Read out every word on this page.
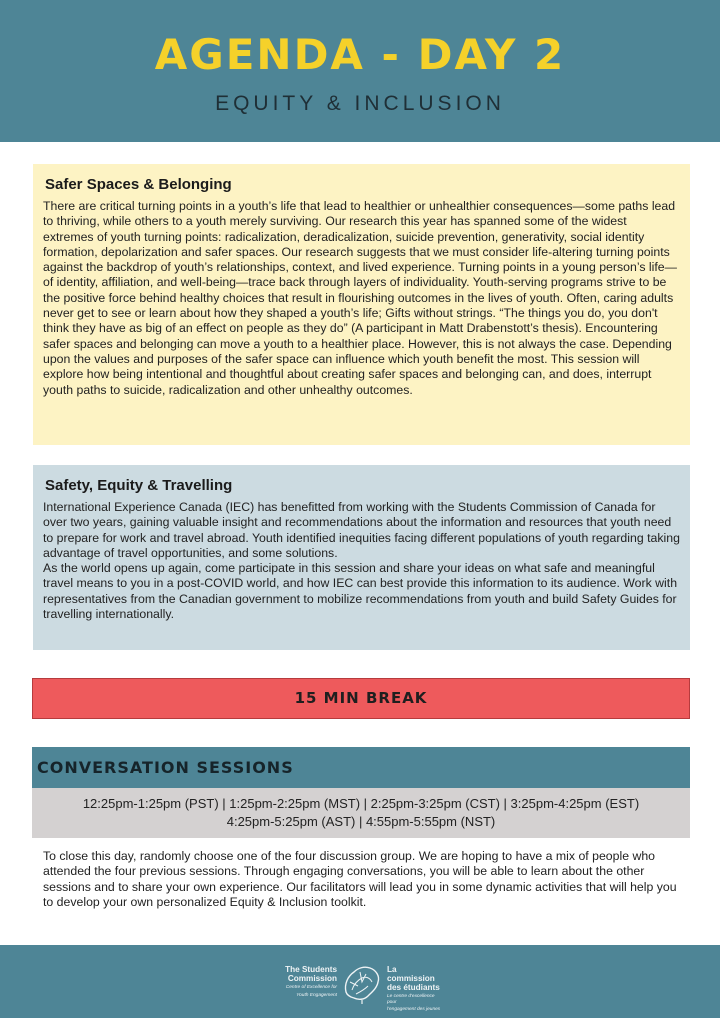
AGENDA - DAY 2
EQUITY & INCLUSION
Safer Spaces & Belonging

There are critical turning points in a youth’s life that lead to healthier or unhealthier consequences—some paths lead to thriving, while others to a youth merely surviving. Our research this year has spanned some of the widest extremes of youth turning points: radicalization, deradicalization, suicide prevention, generativity, social identity formation, depolarization and safer spaces. Our research suggests that we must consider life-altering turning points against the backdrop of youth’s relationships, context, and lived experience. Turning points in a young person’s life—of identity, affiliation, and well-being—trace back through layers of individuality. Youth-serving programs strive to be the positive force behind healthy choices that result in flourishing outcomes in the lives of youth. Often, caring adults never get to see or learn about how they shaped a youth’s life; Gifts without strings. “The things you do, you don't think they have as big of an effect on people as they do” (A participant in Matt Drabenstott’s thesis). Encountering safer spaces and belonging can move a youth to a healthier place. However, this is not always the case. Depending upon the values and purposes of the safer space can influence which youth benefit the most. This session will explore how being intentional and thoughtful about creating safer spaces and belonging can, and does, interrupt youth paths to suicide, radicalization and other unhealthy outcomes.

Safety, Equity & Travelling

International Experience Canada (IEC) has benefitted from working with the Students Commission of Canada for over two years, gaining valuable insight and recommendations about the information and resources that youth need to prepare for work and travel abroad. Youth identified inequities facing different populations of youth regarding taking advantage of travel opportunities, and some solutions.

As the world opens up again, come participate in this session and share your ideas on what safe and meaningful travel means to you in a post-COVID world, and how IEC can best provide this information to its audience. Work with representatives from the Canadian government to mobilize recommendations from youth and build Safety Guides for travelling internationally.

15 MIN BREAK
CONVERSATION SESSIONS
12:25pm-1:25pm (PST) | 1:25pm-2:25pm (MST) | 2:25pm-3:25pm (CST) | 3:25pm-4:25pm (EST)
4:25pm-5:25pm (AST) | 4:55pm-5:55pm (NST)

To close this day, randomly choose one of the four discussion group. We are hoping to have a mix of people who attended the four previous sessions. Through engaging conversations, you will be able to learn about the other sessions and to share your own experience. Our facilitators will lead you in some dynamic activities that will help you to develop your own personalized Equity & Inclusion toolkit.

The Students
Commission
Centre of Excellence for
Youth Engagement
La commission
des étudiants
Le centre d'excellence pour
l'engagement des jeunes
